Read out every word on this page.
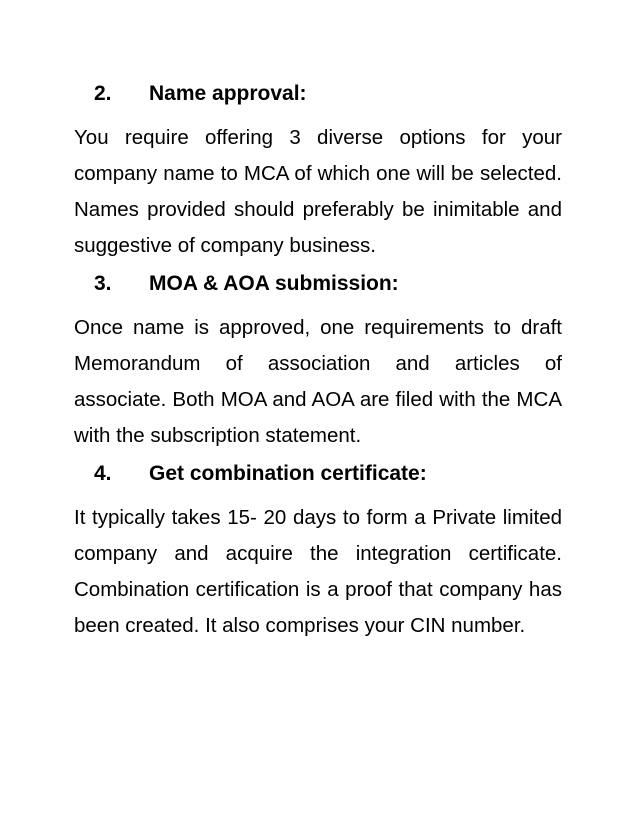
2.	Name approval:

You require offering 3 diverse options for your company name to MCA of which one will be selected. Names provided should preferably be inimitable and suggestive of company business.

3.	MOA & AOA submission:

Once name is approved, one requirements to draft Memorandum of association and articles of associate. Both MOA and AOA are filed with the MCA with the subscription statement.

4.	Get combination certificate:

It typically takes 15- 20 days to form a Private limited company and acquire the integration certificate. Combination certification is a proof that company has been created. It also comprises your CIN number.
